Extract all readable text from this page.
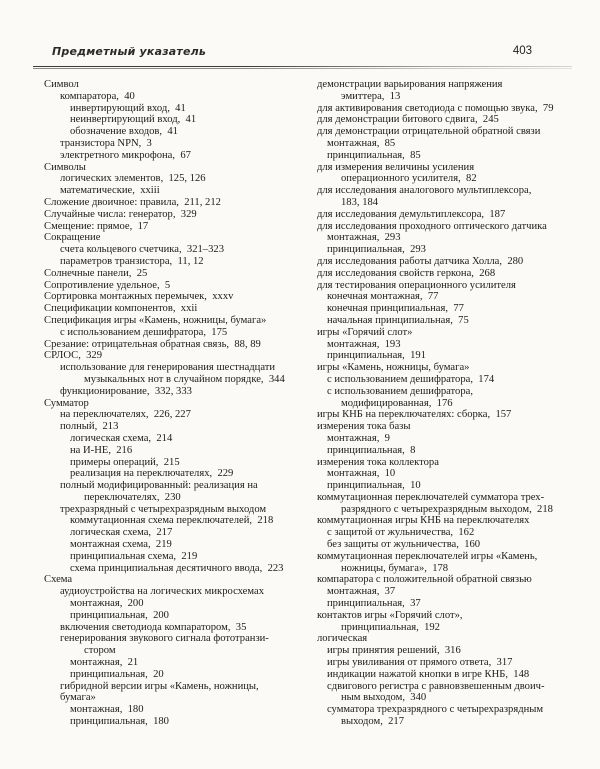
Предметный указатель	403
Символ
компаратора,  40
инвертирующий вход,  41
неинвертирующий вход,  41
обозначение входов,  41
транзистора NPN,  3
электретного микрофона,  67
Символы
логических элементов,  125, 126
математические,  xxiii
Сложение двоичное: правила,  211, 212
Случайные числа: генератор,  329
Смещение: прямое,  17
Сокращение
счета кольцевого счетчика,  321–323
параметров транзистора,  11, 12
Солнечные панели,  25
Сопротивление удельное,  5
Сортировка монтажных перемычек,  xxxv
Спецификации компонентов,  xxii
Спецификация игры «Камень, ножницы, бумага»
с использованием дешифратора,  175
Срезание: отрицательная обратная связь,  88, 89
СРЛОС,  329
использование для генерирования шестнадцати
музыкальных нот в случайном порядке,  344
функционирование,  332, 333
Сумматор
на переключателях,  226, 227
полный,  213
логическая схема,  214
на И-НЕ,  216
примеры операций,  215
реализация на переключателях,  229
полный модифицированный: реализация на
переключателях,  230
трехразрядный с четырехразрядным выходом
коммутационная схема переключателей,  218
логическая схема,  217
монтажная схема,  219
принципиальная схема,  219
схема принципиальная десятичного ввода,  223
Схема
аудиоустройства на логических микросхемах
монтажная,  200
принципиальная,  200
включения светодиода компаратором,  35
генерирования звукового сигнала фототранзи-
стором
монтажная,  21
принципиальная,  20
гибридной версии игры «Камень, ножницы, бумага»
монтажная,  180
принципиальная,  180
демонстрации варьирования напряжения
эмиттера,  13
для активирования светодиода с помощью звука,  79
для демонстрации битового сдвига,  245
для демонстрации отрицательной обратной связи
монтажная,  85
принципиальная,  85
для измерения величины усиления
операционного усилителя,  82
для исследования аналогового мультиплексора,
183, 184
для исследования демультиплексора,  187
для исследования проходного оптического датчика
монтажная,  293
принципиальная,  293
для исследования работы датчика Холла,  280
для исследования свойств геркона,  268
для тестирования операционного усилителя
конечная монтажная,  77
конечная принципиальная,  77
начальная принципиальная,  75
игры «Горячий слот»
монтажная,  193
принципиальная,  191
игры «Камень, ножницы, бумага»
с использованием дешифратора,  174
с использованием дешифратора,
модифицированная,  176
игры КНБ на переключателях: сборка,  157
измерения тока базы
монтажная,  9
принципиальная,  8
измерения тока коллектора
монтажная,  10
принципиальная,  10
коммутационная переключателей сумматора трех-
разрядного с четырехразрядным выходом,  218
коммутационная игры КНБ на переключателях
с защитой от жульничества,  162
без защиты от жульничества,  160
коммутационная переключателей игры «Камень,
ножницы, бумага»,  178
компаратора с положительной обратной связью
монтажная,  37
принципиальная,  37
контактов игры «Горячий слот»,
принципиальная,  192
логическая
игры принятия решений,  316
игры увиливания от прямого ответа,  317
индикации нажатой кнопки в игре КНБ,  148
сдвигового регистра с равновзвешенным двоич-
ным выходом,  340
сумматора трехразрядного с четырехразрядным
выходом,  217
